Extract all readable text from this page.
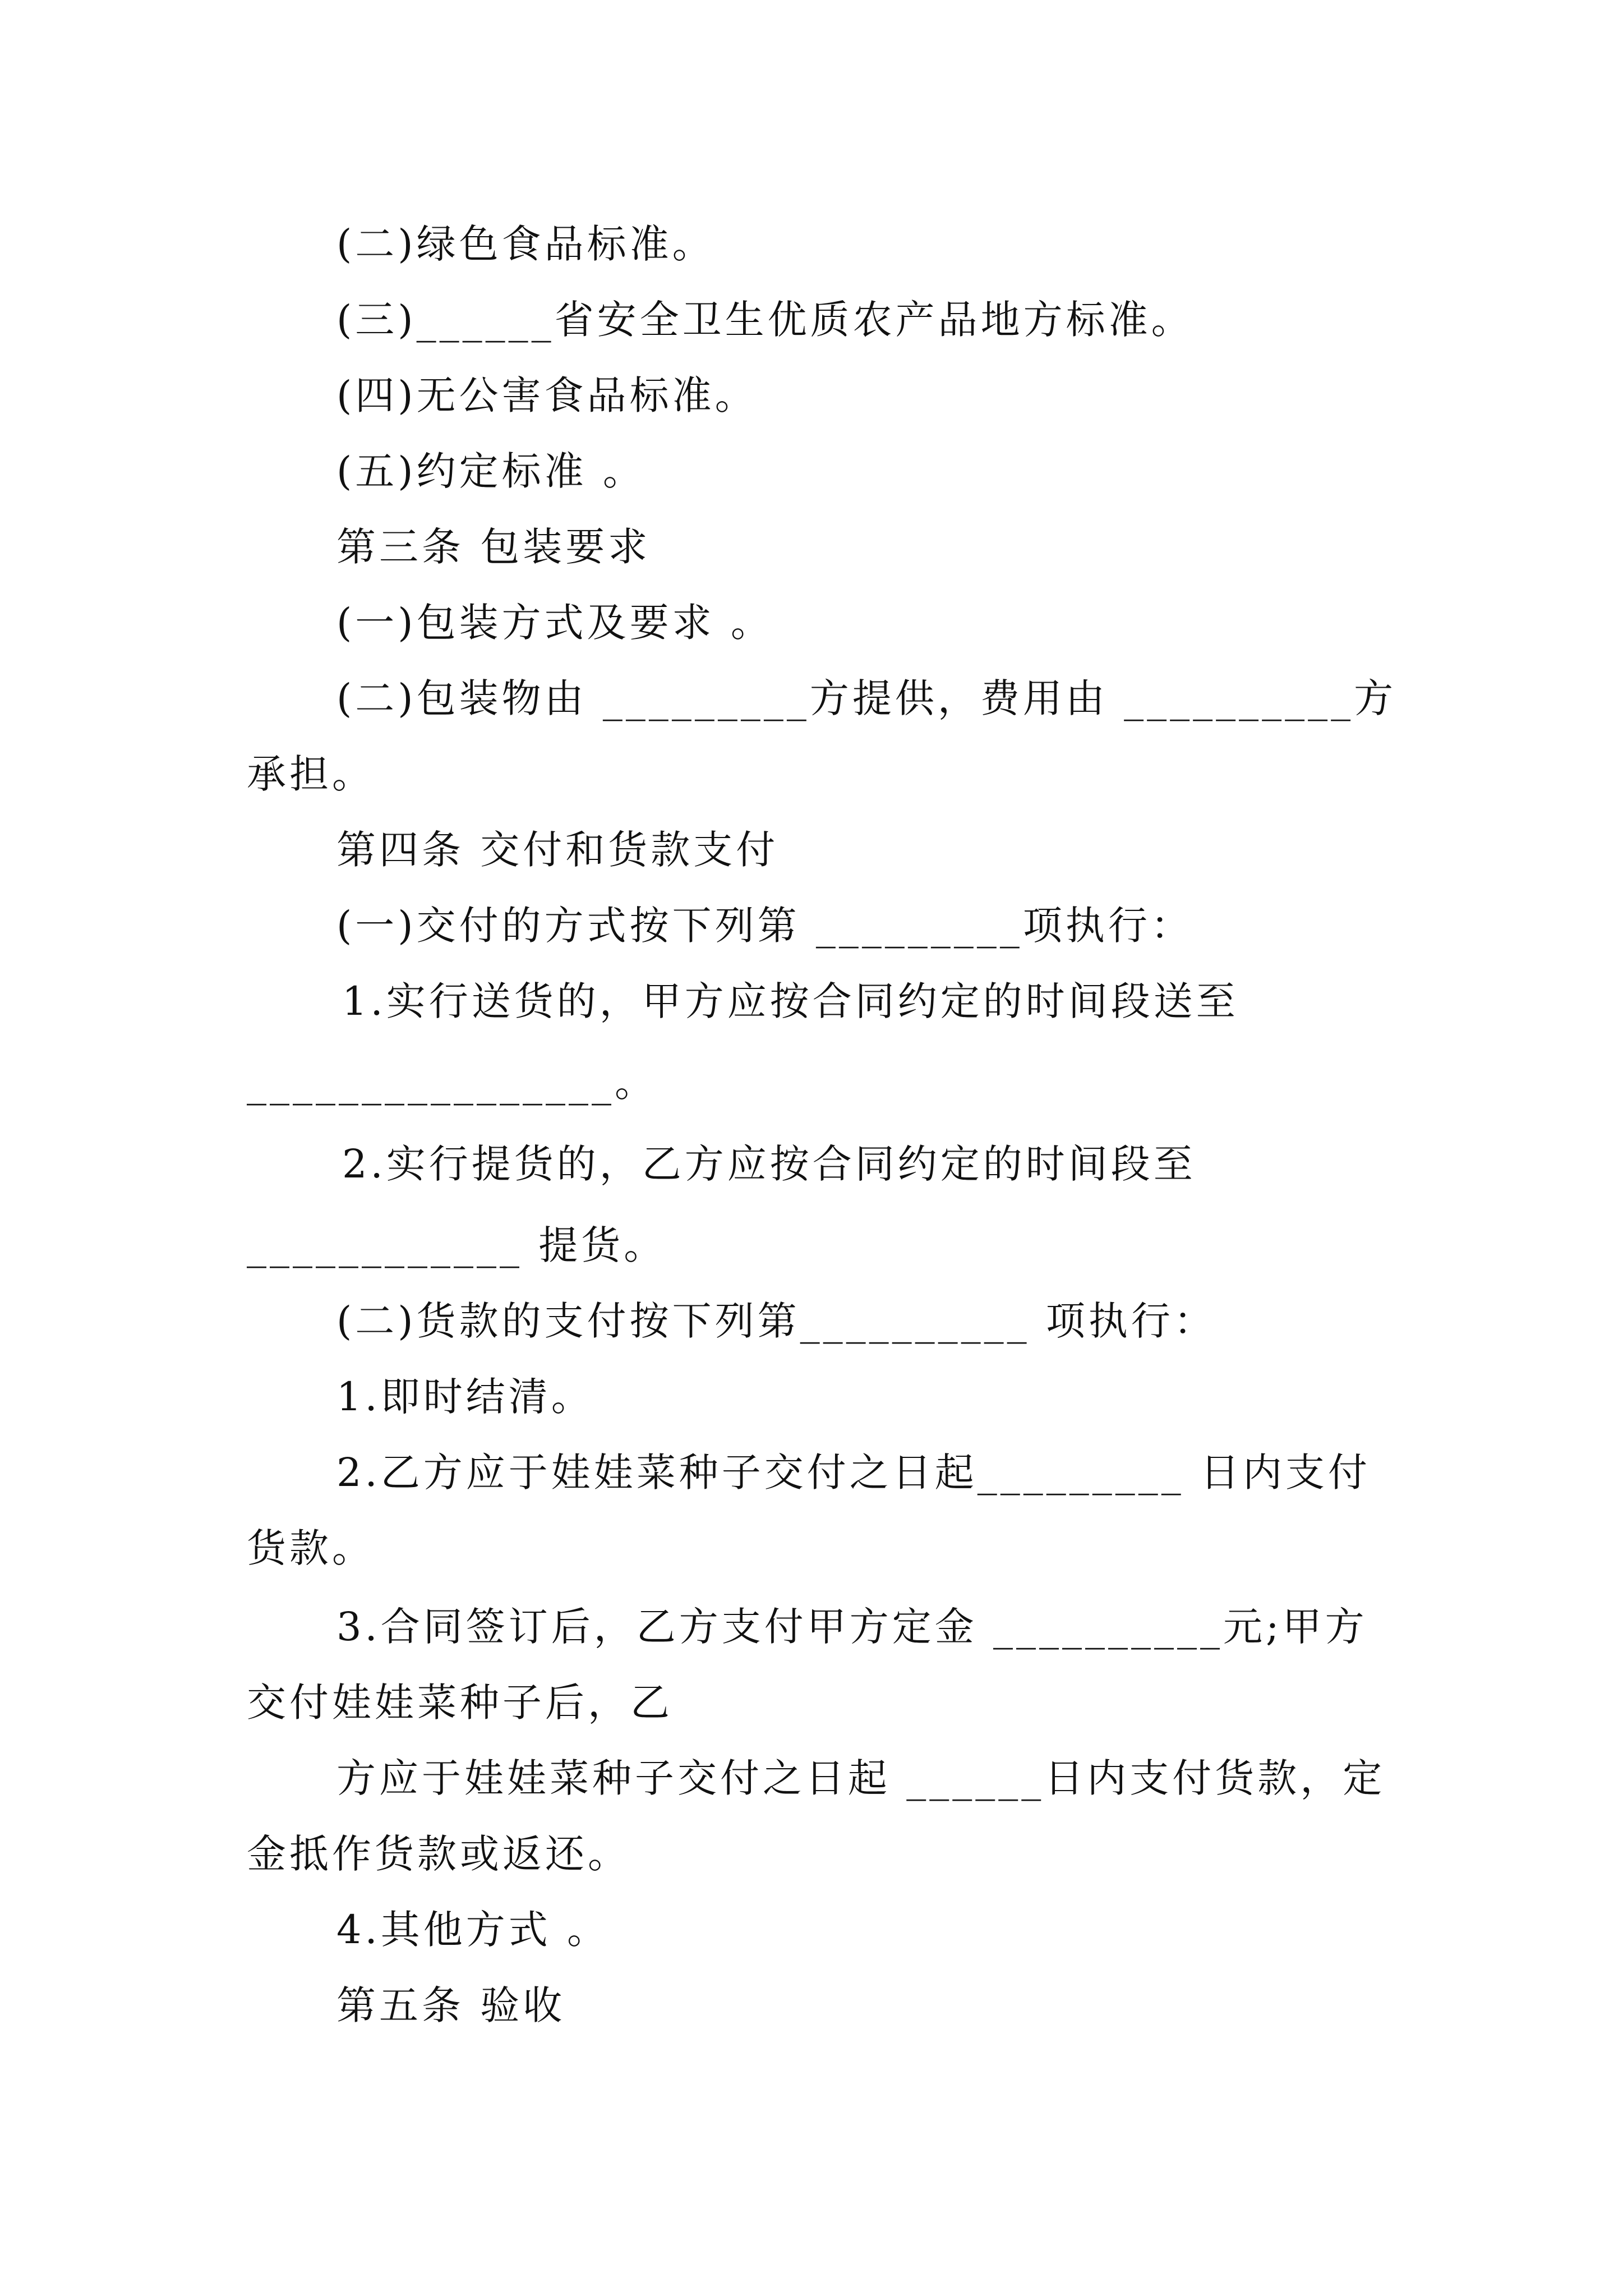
(二)绿色食品标准。
(三)______省安全卫生优质农产品地方标准。
(四)无公害食品标准。
(五)约定标准 。
第三条 包装要求
(一)包装方式及要求 。
(二)包装物由 _________方提供，费用由 __________方
承担。
第四条 交付和货款支付
(一)交付的方式按下列第 _________项执行：
1.实行送货的，甲方应按合同约定的时间段送至
________________。
2.实行提货的，乙方应按合同约定的时间段至
____________ 提货。
(二)货款的支付按下列第__________ 项执行：
1.即时结清。
2.乙方应于娃娃菜种子交付之日起_________ 日内支付
货款。
3.合同签订后，乙方支付甲方定金 __________元;甲方
交付娃娃菜种子后，乙
方应于娃娃菜种子交付之日起 ______日内支付货款，定
金抵作货款或返还。
4.其他方式 。
第五条 验收
